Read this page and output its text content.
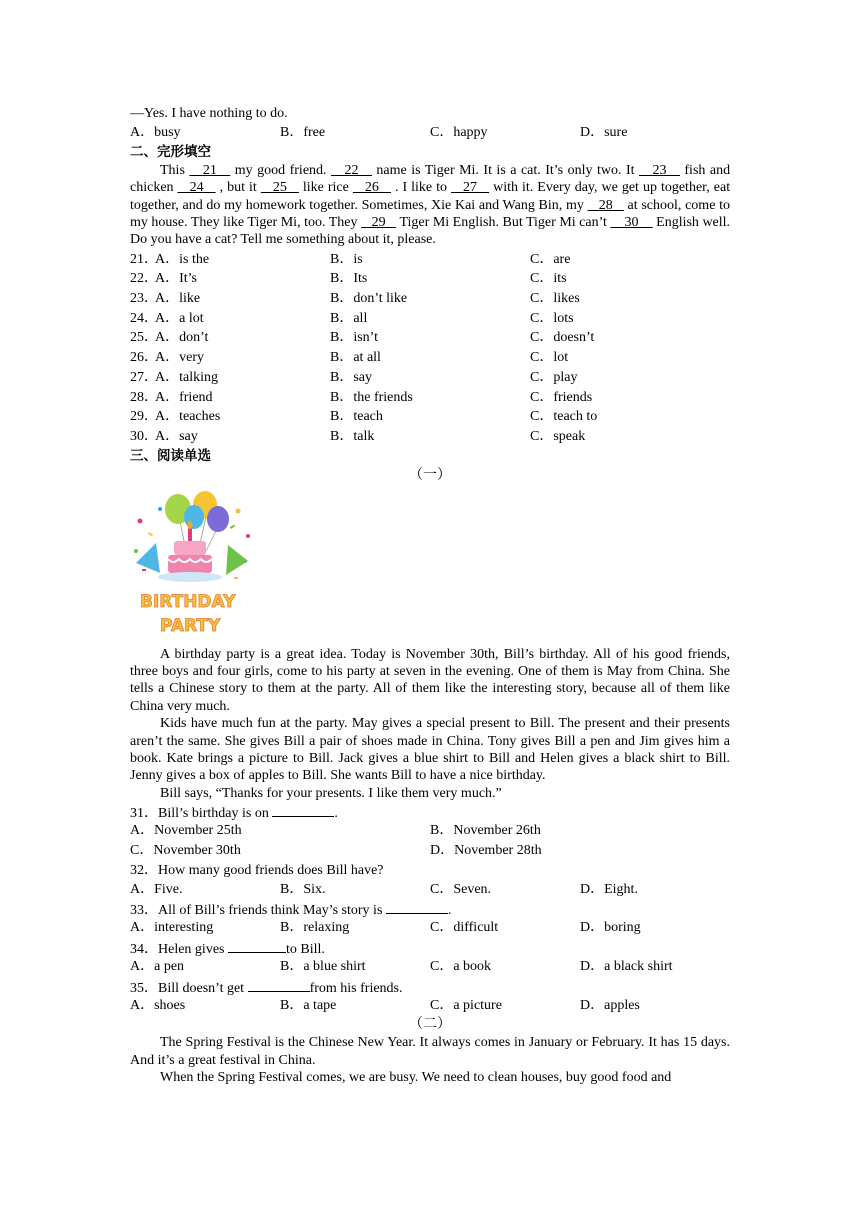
—Yes. I have nothing to do.
A．busy	B．free	C．happy	D．sure
二、完形填空

This    21    my good friend.    22    name is Tiger Mi. It is a cat. It’s only two. It    23    fish and chicken    24    , but it    25    like rice    26    . I like to    27    with it. Every day, we get up together, eat together, and do my homework together. Sometimes, Xie Kai and Wang Bin, my    28    at school, come to my house. They like Tiger Mi, too. They    29    Tiger Mi English. But Tiger Mi can’t     30     English well. Do you have a cat? Tell me something about it, please.

21．
A．is the	B．is	C．are
22．
A．It’s	B．Its	C．its
23．
A．like	B．don’t like	C．likes
24．
A．a lot	B．all	C．lots
25．
A．don’t	B．isn’t	C．doesn’t
26．
A．very	B．at all	C．lot
27．
A．talking	B．say	C．play
28．
A．friend	B．the friends	C．friends
29．
A．teaches	B．teach	C．teach to
30．
A．say	B．talk	C．speak
三、阅读单选
（一）
BIRTHDAY
PARTY

A birthday party is a great idea. Today is November 30th, Bill’s birthday. All of his good friends, three boys and four girls, come to his party at seven in the evening. One of them is May from China. She tells a Chinese story to them at the party. All of them like the interesting story, because all of them like China very much.

Kids have much fun at the party. May gives a special present to Bill. The present and their presents aren’t the same. She gives Bill a pair of shoes made in China. Tony gives Bill a pen and Jim gives him a book. Kate brings a picture to Bill. Jack gives a blue shirt to Bill and Helen gives a black shirt to Bill. Jenny gives a box of apples to Bill. She wants Bill to have a nice birthday.

Bill says, “Thanks for your presents. I like them very much.”

31．Bill’s birthday is on	.
A．November 25th	B．November 26th
C．November 30th	D．November 28th
32．How many good friends does Bill have?
A．Five.	B．Six.	C．Seven.	D．Eight.
33．All of Bill’s friends think May’s story is	.
A．interesting	B．relaxing	C．difficult	D．boring
34．Helen gives	to Bill.
A．a pen	B．a blue shirt	C．a book	D．a black shirt
35．Bill doesn’t get	from his friends.
A．shoes	B．a tape	C．a picture	D．apples
（二）

The Spring Festival is the Chinese New Year. It always comes in January or February. It has 15 days. And it’s a great festival in China.

When the Spring Festival comes, we are busy. We need to clean houses, buy good food and
